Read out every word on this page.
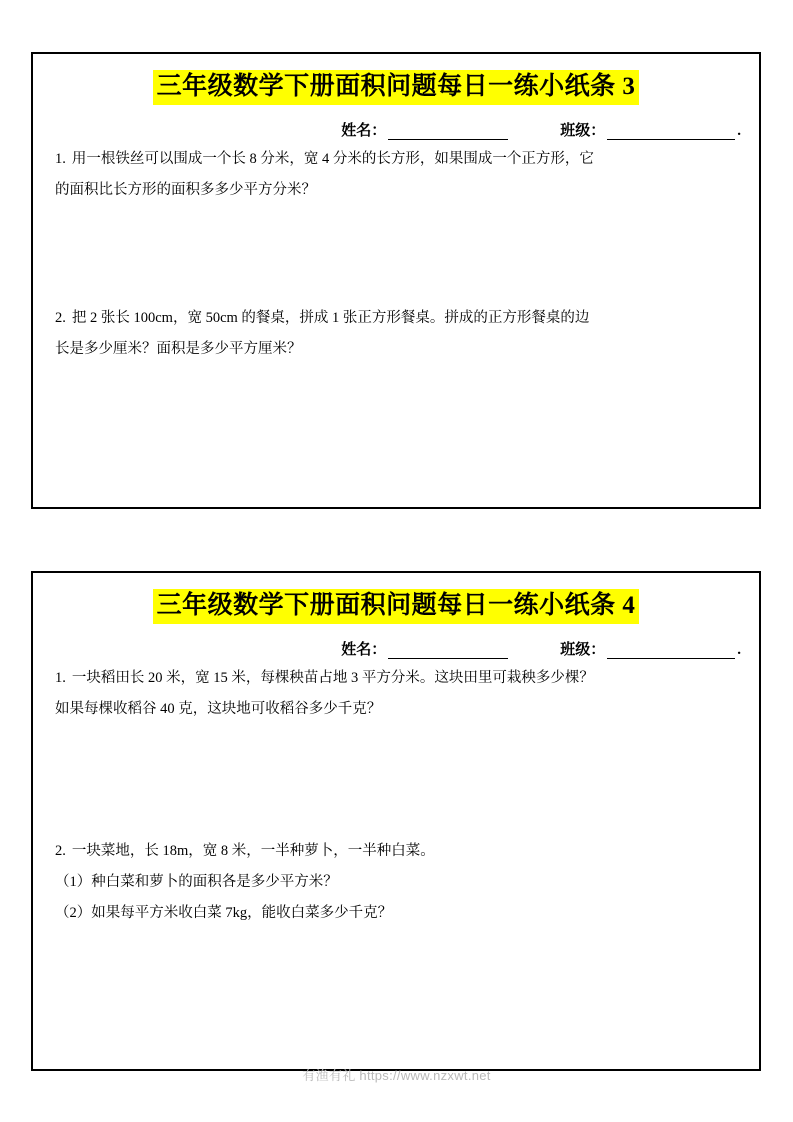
三年级数学下册面积问题每日一练小纸条 3
姓名：	班级：	.

1. 用一根铁丝可以围成一个长 8 分米，宽 4 分米的长方形，如果围成一个正方形，它

的面积比长方形的面积多多少平方分米？

2. 把 2 张长 100cm，宽 50cm 的餐桌，拼成 1 张正方形餐桌。拼成的正方形餐桌的边

长是多少厘米？面积是多少平方厘米？

三年级数学下册面积问题每日一练小纸条 4
姓名：	班级：	.

1. 一块稻田长 20 米，宽 15 米，每棵秧苗占地 3 平方分米。这块田里可栽秧多少棵？

如果每棵收稻谷 40 克，这块地可收稻谷多少千克？

2. 一块菜地，长 18m，宽 8 米，一半种萝卜，一半种白菜。

（1）种白菜和萝卜的面积各是多少平方米？

（2）如果每平方米收白菜 7kg，能收白菜多少千克？

有渔有礼 https://www.nzxwt.net
